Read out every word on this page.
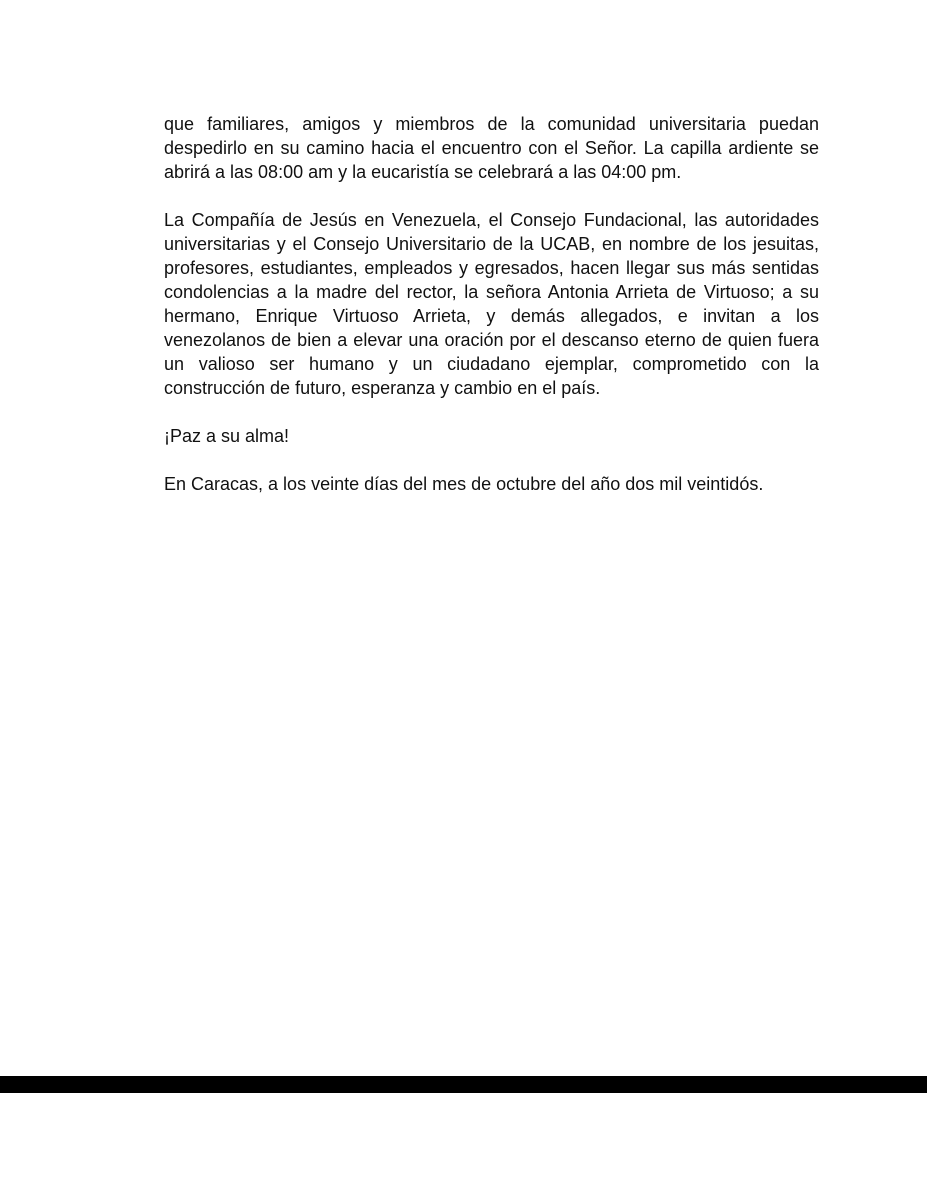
que familiares, amigos y miembros de la comunidad universitaria puedan despedirlo en su camino hacia el encuentro con el Señor. La capilla ardiente se abrirá a las 08:00 am y la eucaristía se celebrará a las 04:00 pm.

La Compañía de Jesús en Venezuela, el Consejo Fundacional, las autoridades universitarias y el Consejo Universitario de la UCAB, en nombre de los jesuitas, profesores, estudiantes, empleados y egresados, hacen llegar sus más sentidas condolencias a la madre del rector, la señora Antonia Arrieta de Virtuoso; a su hermano, Enrique Virtuoso Arrieta, y demás allegados, e invitan a los venezolanos de bien a elevar una oración por el descanso eterno de quien fuera un valioso ser humano y un ciudadano ejemplar, comprometido con la construcción de futuro, esperanza y cambio en el país.

¡Paz a su alma!

En Caracas, a los veinte días del mes de octubre del año dos mil veintidós.
